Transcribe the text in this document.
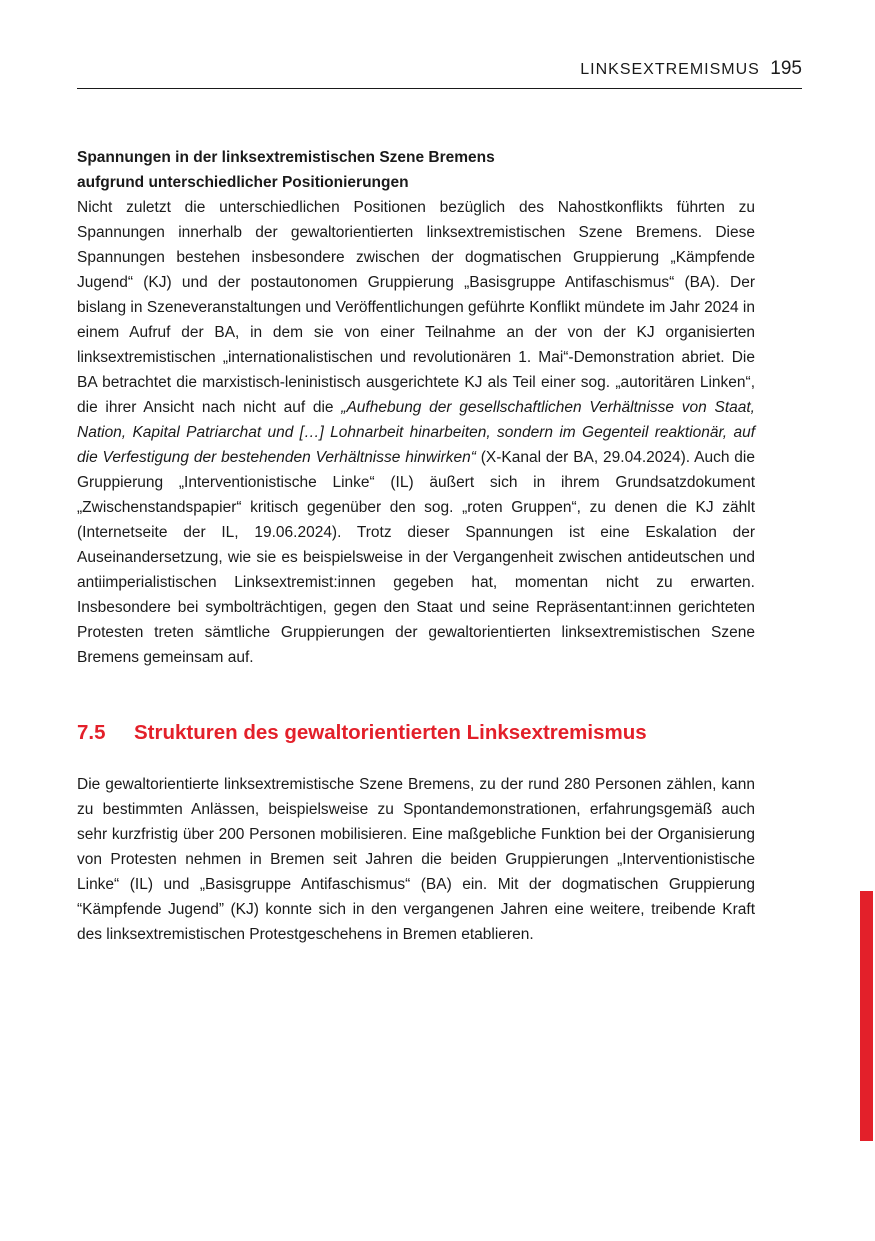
LINKSEXTREMISMUS 195

Spannungen in der linksextremistischen Szene Bremens
aufgrund unterschiedlicher Positionierungen

Nicht zuletzt die unterschiedlichen Positionen bezüglich des Nahostkonflikts führten zu Spannungen innerhalb der gewaltorientierten linksextremistischen Szene Bremens. Diese Spannungen bestehen insbesondere zwischen der dogmatischen Gruppierung „Kämpfende Jugend“ (KJ) und der postautonomen Gruppierung „Basisgruppe Antifaschismus“ (BA). Der bislang in Szeneveranstaltungen und Veröffentlichungen geführte Konflikt mündete im Jahr 2024 in einem Aufruf der BA, in dem sie von einer Teilnahme an der von der KJ organisierten linksextremistischen „internationalistischen und revolutionären 1. Mai“-Demonstration abriet. Die BA betrachtet die marxistisch-leninistisch ausgerichtete KJ als Teil einer sog. „autoritären Linken“, die ihrer Ansicht nach nicht auf die „Aufhebung der gesellschaftlichen Verhältnisse von Staat, Nation, Kapital Patriarchat und […] Lohnarbeit hinarbeiten, sondern im Gegenteil reaktionär, auf die Verfestigung der bestehenden Verhältnisse hinwirken“ (X-Kanal der BA, 29.04.2024). Auch die Gruppierung „Interventionistische Linke“ (IL) äußert sich in ihrem Grundsatzdokument „Zwischenstandspapier“ kritisch gegenüber den sog. „roten Gruppen“, zu denen die KJ zählt (Internetseite der IL, 19.06.2024). Trotz dieser Spannungen ist eine Eskalation der Auseinandersetzung, wie sie es beispielsweise in der Vergangenheit zwischen antideutschen und antiimperialistischen Linksextremist:innen gegeben hat, momentan nicht zu erwarten. Insbesondere bei symbolträchtigen, gegen den Staat und seine Repräsentant:innen gerichteten Protesten treten sämtliche Gruppierungen der gewaltorientierten linksextremistischen Szene Bremens gemeinsam auf.

7.5 Strukturen des gewaltorientierten Linksextremismus

Die gewaltorientierte linksextremistische Szene Bremens, zu der rund 280 Personen zählen, kann zu bestimmten Anlässen, beispielsweise zu Spontandemonstrationen, erfahrungsgemäß auch sehr kurzfristig über 200 Personen mobilisieren. Eine maßgebliche Funktion bei der Organisierung von Protesten nehmen in Bremen seit Jahren die beiden Gruppierungen „Interventionistische Linke“ (IL) und „Basisgruppe Antifaschismus“ (BA) ein. Mit der dogmatischen Gruppierung “Kämpfende Jugend” (KJ) konnte sich in den vergangenen Jahren eine weitere, treibende Kraft des linksextremistischen Protestgeschehens in Bremen etablieren.
